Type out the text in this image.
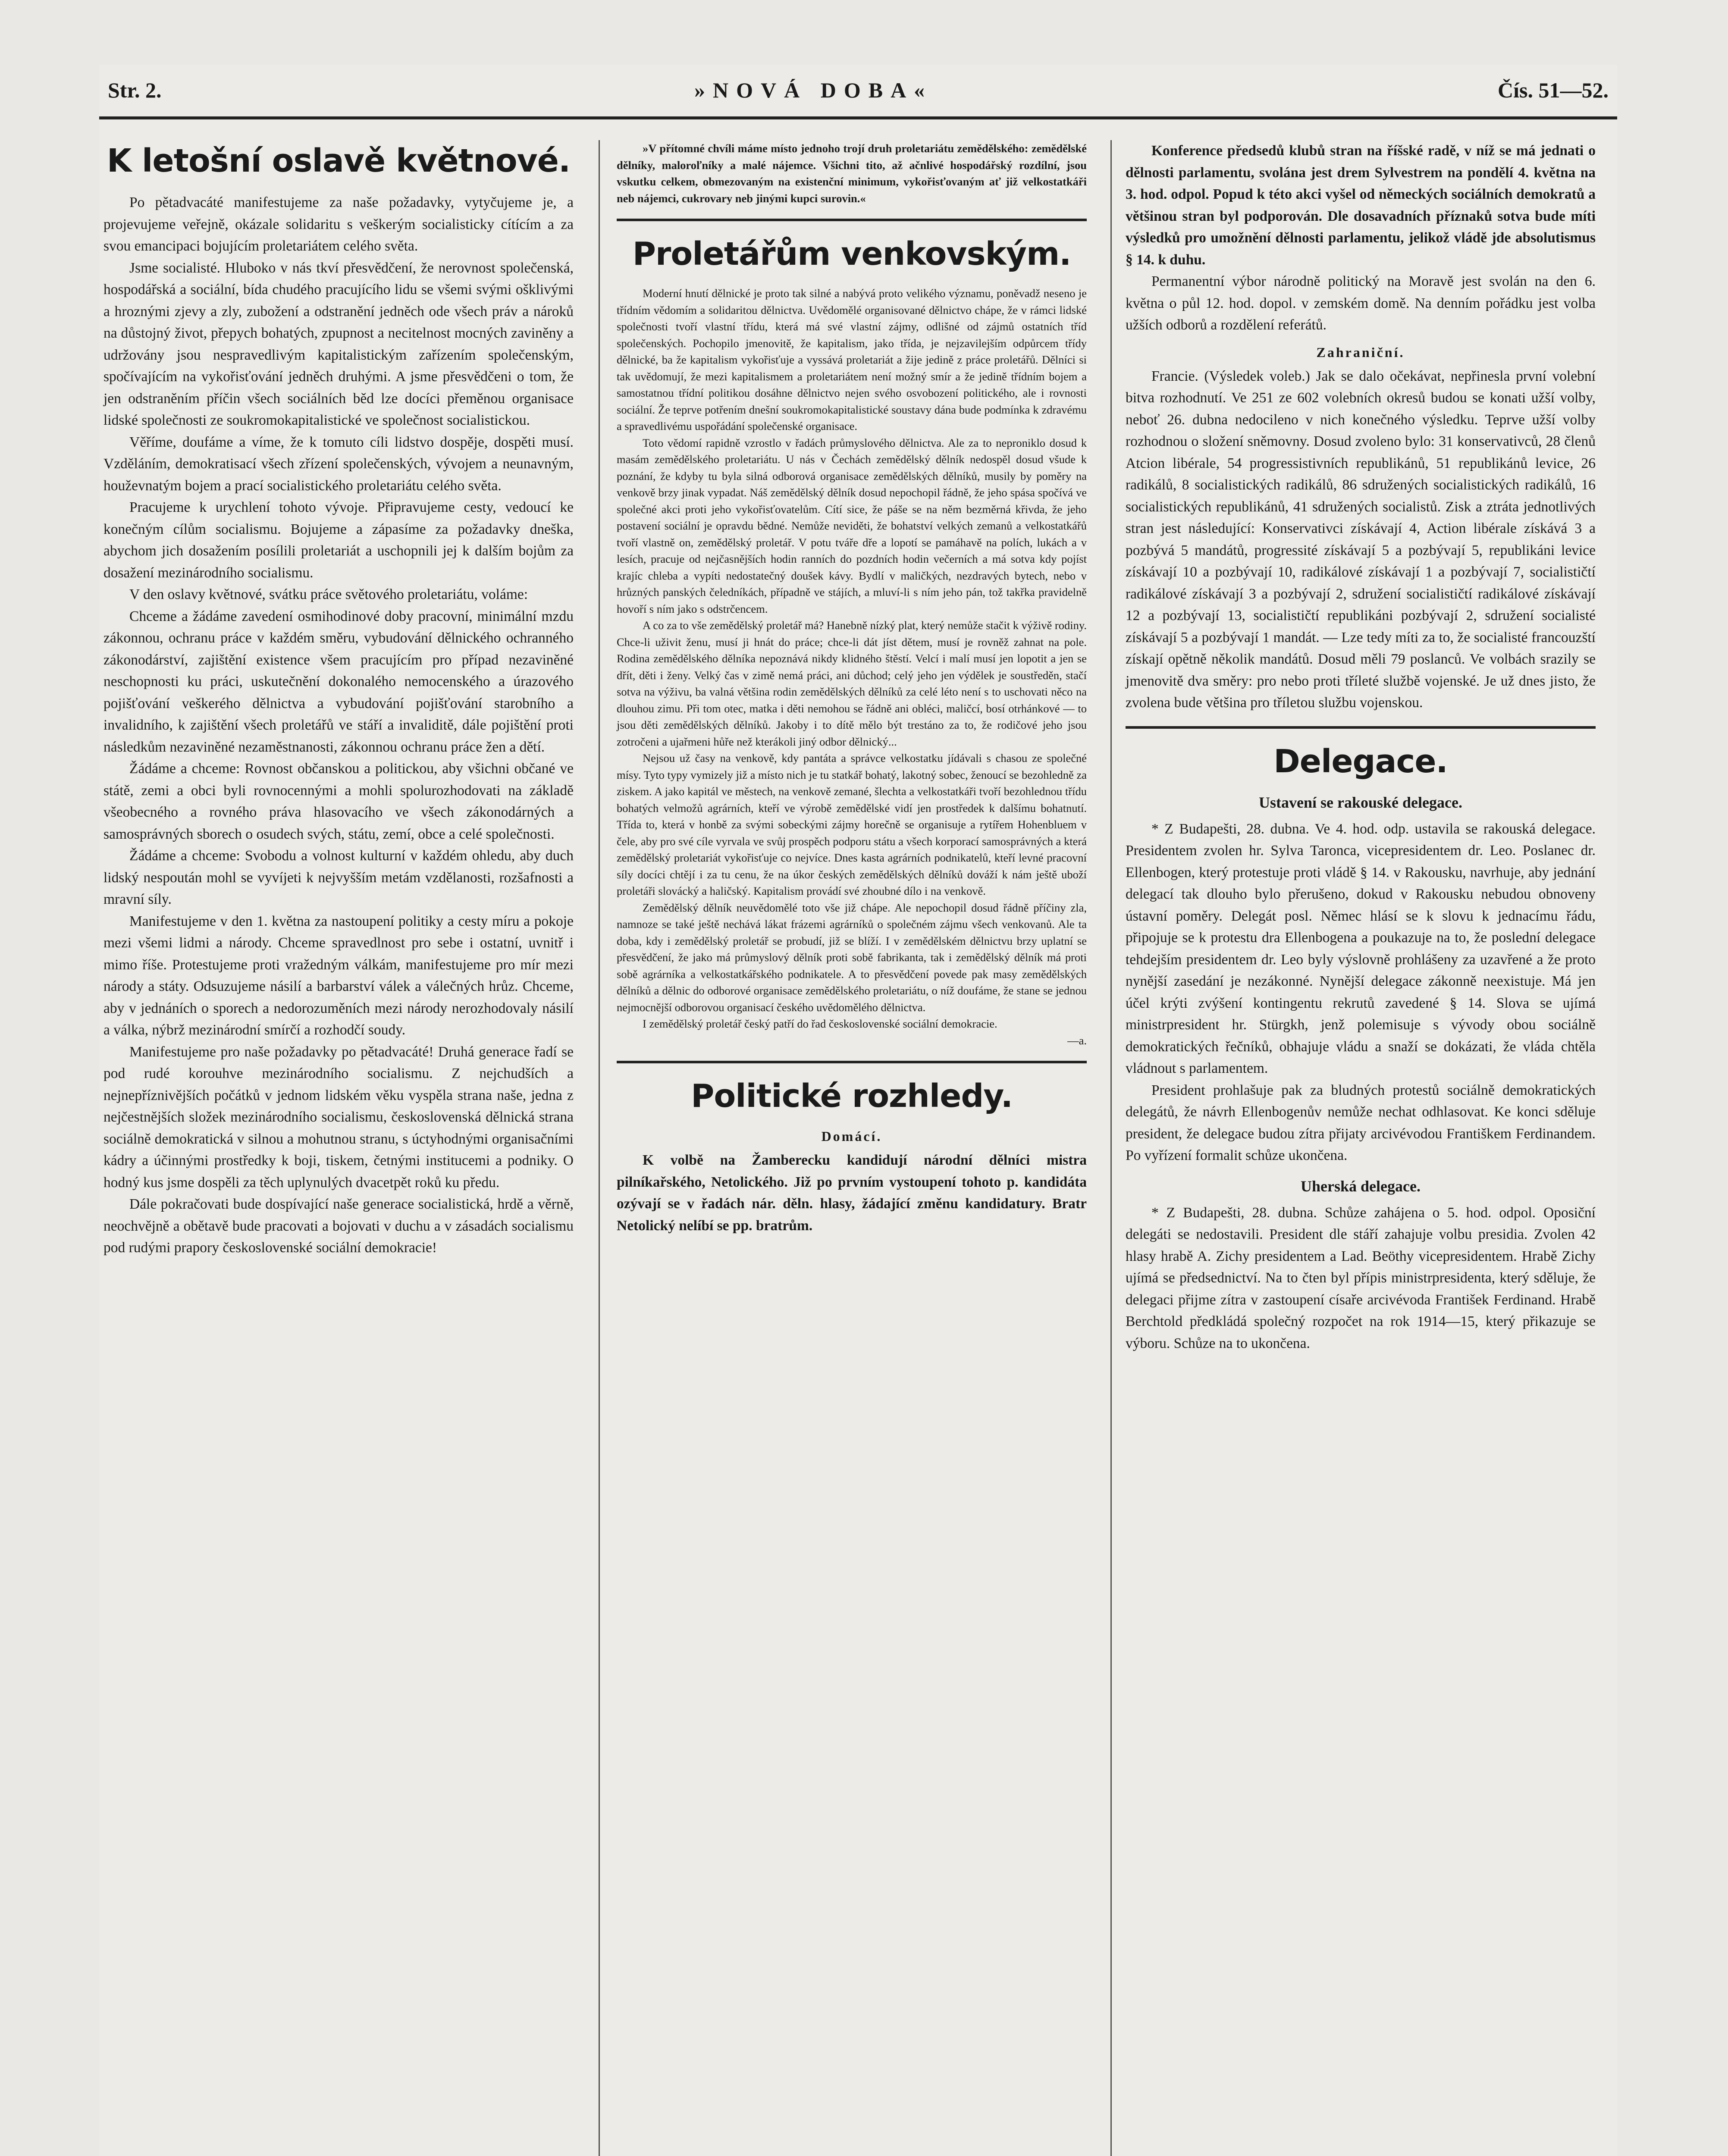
Str. 2.	»NOVÁ DOBA«	Čís. 51—52.
K letošní oslavě květnové.

Po pětadvacáté manifestujeme za naše požadavky, vytyčujeme je, a projevujeme veřejně, okázale solidaritu s veškerým socialisticky cítícím a za svou emancipaci bojujícím proletariátem celého světa.

Jsme socialisté. Hluboko v nás tkví přesvědčení, že nerovnost společenská, hospodářská a sociální, bída chudého pracujícího lidu se všemi svými ošklivými a hroznými zjevy a zly, zubožení a odstranění jedněch ode všech práv a nároků na důstojný život, přepych bohatých, zpupnost a necitelnost mocných zaviněny a udržovány jsou nespravedlivým kapitalistickým zařízením společenským, spočívajícím na vykořisťování jedněch druhými. A jsme přesvědčeni o tom, že jen odstraněním příčin všech sociálních běd lze docíci přeměnou organisace lidské společnosti ze soukromokapitalistické ve společnost socialistickou.

Věříme, doufáme a víme, že k tomuto cíli lidstvo dospěje, dospěti musí. Vzděláním, demokratisací všech zřízení společenských, vývojem a neunavným, houževnatým bojem a prací socialistického proletariátu celého světa.

Pracujeme k urychlení tohoto vývoje. Připravujeme cesty, vedoucí ke konečným cílům socialismu. Bojujeme a zápasíme za požadavky dneška, abychom jich dosažením posílili proletariát a uschopnili jej k dalším bojům za dosažení mezinárodního socialismu.

V den oslavy květnové, svátku práce světového proletariátu, voláme:

Chceme a žádáme zavedení osmihodinové doby pracovní, minimální mzdu zákonnou, ochranu práce v každém směru, vybudování dělnického ochranného zákonodárství, zajištění existence všem pracujícím pro případ nezaviněné neschopnosti ku práci, uskutečnění dokonalého nemocenského a úrazového pojišťování veškerého dělnictva a vybudování pojišťování starobního a invalidního, k zajištění všech proletářů ve stáří a invaliditě, dále pojištění proti následkům nezaviněné nezaměstnanosti, zákonnou ochranu práce žen a dětí.

Žádáme a chceme: Rovnost občanskou a politickou, aby všichni občané ve státě, zemi a obci byli rovnocennými a mohli spolurozhodovati na základě všeobecného a rovného práva hlasovacího ve všech zákonodárných a samosprávných sborech o osudech svých, státu, zemí, obce a celé společnosti.

Žádáme a chceme: Svobodu a volnost kulturní v každém ohledu, aby duch lidský nespoután mohl se vyvíjeti k nejvyšším metám vzdělanosti, rozšafnosti a mravní síly.

Manifestujeme v den 1. května za nastoupení politiky a cesty míru a pokoje mezi všemi lidmi a národy. Chceme spravedlnost pro sebe i ostatní, uvnitř i mimo říše. Protestujeme proti vražedným válkám, manifestujeme pro mír mezi národy a státy. Odsuzujeme násilí a barbarství válek a válečných hrůz. Chceme, aby v jednáních o sporech a nedorozuměních mezi národy nerozhodovaly násilí a válka, nýbrž mezinárodní smírčí a rozhodčí soudy.

Manifestujeme pro naše požadavky po pětadvacáté! Druhá generace řadí se pod rudé korouhve mezinárodního socialismu. Z nejchudších a nejnepříznivějších počátků v jednom lidském věku vyspěla strana naše, jedna z nejčestnějších složek mezinárodního socialismu, československá dělnická strana sociálně demokratická v silnou a mohutnou stranu, s úctyhodnými organisačními kádry a účinnými prostředky k boji, tiskem, četnými institucemi a podniky. O hodný kus jsme dospěli za těch uplynulých dvacetpět roků ku předu.

Dále pokračovati bude dospívající naše generace socialistická, hrdě a věrně, neochvějně a obětavě bude pracovati a bojovati v duchu a v zásadách socialismu pod rudými prapory československé sociální demokracie!

»V přítomné chvíli máme místo jednoho trojí druh proletariátu zemědělského: zemědělské dělníky, maloroľníky a malé nájemce. Všichni tito, až ačnlivé hospodářský rozdílní, jsou vskutku celkem, obmezovaným na existenční minimum, vykořisťovaným ať již velkostatkáři neb nájemci, cukrovary neb jinými kupci surovin.«

Proletářům venkovským.

Moderní hnutí dělnické je proto tak silné a nabývá proto velikého významu, poněvadž neseno je třídním vědomím a solidaritou dělnictva. Uvědomělé organisované dělnictvo chápe, že v rámci lidské společnosti tvoří vlastní třídu, která má své vlastní zájmy, odlišné od zájmů ostatních tříd společenských. Pochopilo jmenovitě, že kapitalism, jako třída, je nejzavilejším odpůrcem třídy dělnické, ba že kapitalism vykořisťuje a vyssává proletariát a žije jedině z práce proletářů. Dělníci si tak uvědomují, že mezi kapitalismem a proletariátem není možný smír a že jedině třídním bojem a samostatnou třídní politikou dosáhne dělnictvo nejen svého osvobození politického, ale i rovnosti sociální. Že teprve potřením dnešní soukromokapitalistické soustavy dána bude podmínka k zdravému a spravedlivému uspořádání společenské organisace.

Toto vědomí rapidně vzrostlo v řadách průmyslového dělnictva. Ale za to neproniklo dosud k masám zemědělského proletariátu. U nás v Čechách zemědělský dělník nedospěl dosud všude k poznání, že kdyby tu byla silná odborová organisace zemědělských dělníků, musily by poměry na venkově brzy jinak vypadat. Náš zemědělský dělník dosud nepochopil řádně, že jeho spása spočívá ve společné akci proti jeho vykořisťovatelům. Cítí sice, že páše se na něm bezměrná křivda, že jeho postavení sociální je opravdu bědné. Nemůže neviděti, že bohatství velkých zemanů a velkostatkářů tvoří vlastně on, zemědělský proletář. V potu tváře dře a lopotí se pamáhavě na polích, lukách a v lesích, pracuje od nejčasnějších hodin ranních do pozdních hodin večerních a má sotva kdy pojíst krajíc chleba a vypíti nedostatečný doušek kávy. Bydlí v maličkých, nezdravých bytech, nebo v hrůzných panských čeledníkách, případně ve stájích, a mluví-li s ním jeho pán, tož takřka pravidelně hovoří s ním jako s odstrčencem.

A co za to vše zemědělský proletář má? Hanebně nízký plat, který nemůže stačit k výživě rodiny. Chce-li uživit ženu, musí ji hnát do práce; chce-li dát jíst dětem, musí je rovněž zahnat na pole. Rodina zemědělského dělníka nepoznává nikdy klidného štěstí. Velcí i malí musí jen lopotit a jen se dřít, děti i ženy. Velký čas v zimě nemá práci, ani důchod; celý jeho jen výdělek je soustředěn, stačí sotva na výživu, ba valná většina rodin zemědělských dělníků za celé léto není s to uschovati něco na dlouhou zimu. Při tom otec, matka i děti nemohou se řádně ani obléci, maličcí, bosí otrhánkové — to jsou děti zemědělských dělníků. Jakoby i to dítě mělo být trestáno za to, že rodičové jeho jsou zotročeni a ujařmeni hůře než kterákoli jiný odbor dělnický...

Nejsou už časy na venkově, kdy pantáta a správce velkostatku jídávali s chasou ze společné mísy. Tyto typy vymizely již a místo nich je tu statkář bohatý, lakotný sobec, ženoucí se bezohledně za ziskem. A jako kapitál ve městech, na venkově zemané, šlechta a velkostatkáři tvoří bezohlednou třídu bohatých velmožů agrárních, kteří ve výrobě zemědělské vidí jen prostředek k dalšímu bohatnutí. Třída to, která v honbě za svými sobeckými zájmy horečně se organisuje a rytířem Hohenbluem v čele, aby pro své cíle vyrvala ve svůj prospěch podporu státu a všech korporací samosprávných a která zemědělský proletariát vykořisťuje co nejvíce. Dnes kasta agrárních podnikatelů, kteří levné pracovní síly docíci chtějí i za tu cenu, že na úkor českých zemědělských dělníků dováží k nám ještě uboží proletáři slovácký a haličský. Kapitalism provádí své zhoubné dílo i na venkově.

Zemědělský dělník neuvědomělé toto vše již chápe. Ale nepochopil dosud řádně příčiny zla, namnoze se také ještě nechává lákat frázemi agrárníků o společném zájmu všech venkovanů. Ale ta doba, kdy i zemědělský proletář se probudí, již se blíží. I v zemědělském dělnictvu brzy uplatní se přesvědčení, že jako má průmyslový dělník proti sobě fabrikanta, tak i zemědělský dělník má proti sobě agrárníka a velkostatkářského podnikatele. A to přesvědčení povede pak masy zemědělských dělníků a dělnic do odborové organisace zemědělského proletariátu, o níž doufáme, že stane se jednou nejmocnější odborovou organisací českého uvědomělého dělnictva.

I zemědělský proletář český patří do řad československé sociální demokracie.

—a.
Politické rozhledy.
Domácí.

K volbě na Žamberecku kandidují národní dělníci mistra pilníkařského, Netolického. Již po prvním vystoupení tohoto p. kandidáta ozývají se v řadách nár. děln. hlasy, žádající změnu kandidatury. Bratr Netolický nelíbí se pp. bratrům.

Konference předsedů klubů stran na říšské radě, v níž se má jednati o dělnosti parlamentu, svolána jest drem Sylvestrem na pondělí 4. května na 3. hod. odpol. Popud k této akci vyšel od německých sociálních demokratů a většinou stran byl podporován. Dle dosavadních příznaků sotva bude míti výsledků pro umožnění dělnosti parlamentu, jelikož vládě jde absolutismus § 14. k duhu.

Permanentní výbor národně politický na Moravě jest svolán na den 6. května o půl 12. hod. dopol. v zemském domě. Na denním pořádku jest volba užších odborů a rozdělení referátů.

Zahraniční.

Francie. (Výsledek voleb.) Jak se dalo očekávat, nepřinesla první volební bitva rozhodnutí. Ve 251 ze 602 volebních okresů budou se konati užší volby, neboť 26. dubna nedocileno v nich konečného výsledku. Teprve užší volby rozhodnou o složení sněmovny. Dosud zvoleno bylo: 31 konservativců, 28 členů Atcion libérale, 54 progressistivních republikánů, 51 republikánů levice, 26 radikálů, 8 socialistických radikálů, 86 sdružených socialistických radikálů, 16 socialistických republikánů, 41 sdružených socialistů. Zisk a ztráta jednotlivých stran jest následující: Konservativci získávají 4, Action libérale získává 3 a pozbývá 5 mandátů, progressité získávají 5 a pozbývají 5, republikáni levice získávají 10 a pozbývají 10, radikálové získávají 1 a pozbývají 7, socialističtí radikálové získávají 3 a pozbývají 2, sdružení socialističtí radikálové získávají 12 a pozbývají 13, socialističtí republikáni pozbývají 2, sdružení socialisté získávají 5 a pozbývají 1 mandát. — Lze tedy míti za to, že socialisté francouzští získají opětně několik mandátů. Dosud měli 79 poslanců. Ve volbách srazily se jmenovitě dva směry: pro nebo proti tříleté službě vojenské. Je už dnes jisto, že zvolena bude většina pro tříletou službu vojenskou.

Delegace.
Ustavení se rakouské delegace.

* Z Budapešti, 28. dubna. Ve 4. hod. odp. ustavila se rakouská delegace. Presidentem zvolen hr. Sylva Taronca, vicepresidentem dr. Leo. Poslanec dr. Ellenbogen, který protestuje proti vládě § 14. v Rakousku, navrhuje, aby jednání delegací tak dlouho bylo přerušeno, dokud v Rakousku nebudou obnoveny ústavní poměry. Delegát posl. Němec hlásí se k slovu k jednacímu řádu, připojuje se k protestu dra Ellenbogena a poukazuje na to, že poslední delegace tehdejším presidentem dr. Leo byly výslovně prohlášeny za uzavřené a že proto nynější zasedání je nezákonné. Nynější delegace zákonně neexistuje. Má jen účel krýti zvýšení kontingentu rekrutů zavedené § 14. Slova se ujímá ministrpresident hr. Stürgkh, jenž polemisuje s vývody obou sociálně demokratických řečníků, obhajuje vládu a snaží se dokázati, že vláda chtěla vládnout s parlamentem.

President prohlašuje pak za bludných protestů sociálně demokratických delegátů, že návrh Ellenbogenův nemůže nechat odhlasovat. Ke konci sděluje president, že delegace budou zítra přijaty arcivévodou Františkem Ferdinandem. Po vyřízení formalit schůze ukončena.

Uherská delegace.

* Z Budapešti, 28. dubna. Schůze zahájena o 5. hod. odpol. Oposiční delegáti se nedostavili. President dle stáří zahajuje volbu presidia. Zvolen 42 hlasy hrabě A. Zichy presidentem a Lad. Beöthy vicepresidentem. Hrabě Zichy ujímá se předsednictví. Na to čten byl přípis ministrpresidenta, který sděluje, že delegaci přijme zítra v zastoupení císaře arcivévoda František Ferdinand. Hrabě Berchtold předkládá společný rozpočet na rok 1914—15, který přikazuje se výboru. Schůze na to ukončena.
